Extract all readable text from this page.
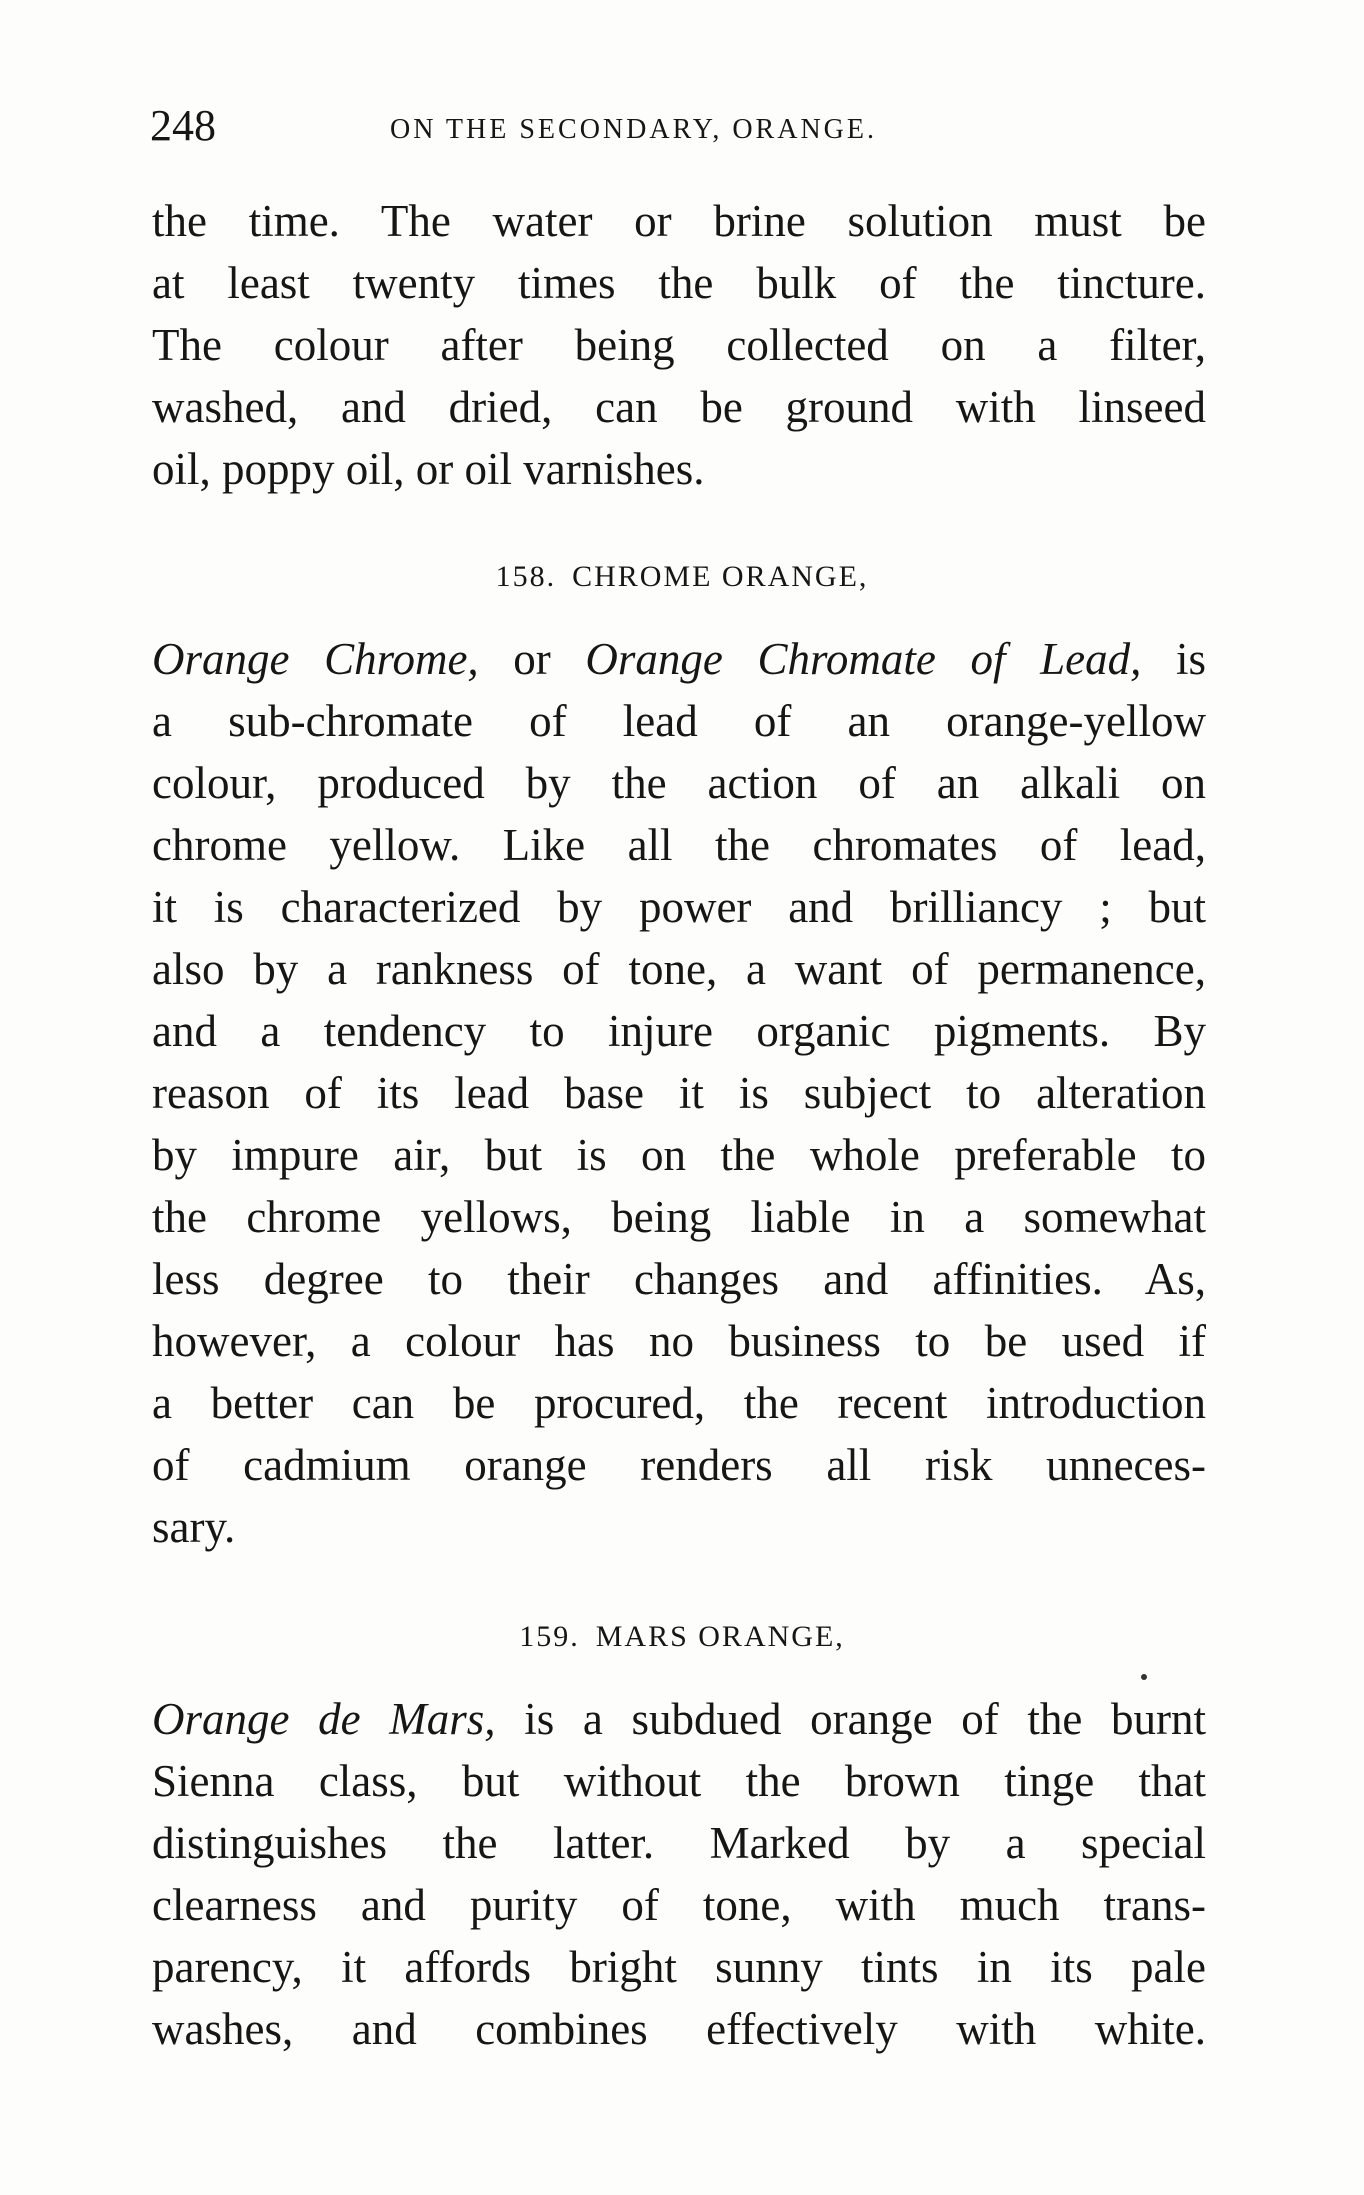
248	ON THE SECONDARY, ORANGE.
the time. The water or brine solution must be
at least twenty times the bulk of the tincture.
The colour after being collected on a filter,
washed, and dried, can be ground with linseed
oil, poppy oil, or oil varnishes.
158. CHROME ORANGE,
Orange Chrome, or Orange Chromate of Lead, is
a sub-chromate of lead of an orange-yellow
colour, produced by the action of an alkali on
chrome yellow. Like all the chromates of lead,
it is characterized by power and brilliancy ; but
also by a rankness of tone, a want of permanence,
and a tendency to injure organic pigments. By
reason of its lead base it is subject to alteration
by impure air, but is on the whole preferable to
the chrome yellows, being liable in a somewhat
less degree to their changes and affinities. As,
however, a colour has no business to be used if
a better can be procured, the recent introduction
of cadmium orange renders all risk unneces-
sary.
159. MARS ORANGE,
Orange de Mars, is a subdued orange of the burnt
Sienna class, but without the brown tinge that
distinguishes the latter. Marked by a special
clearness and purity of tone, with much trans-
parency, it affords bright sunny tints in its pale
washes, and combines effectively with white.
